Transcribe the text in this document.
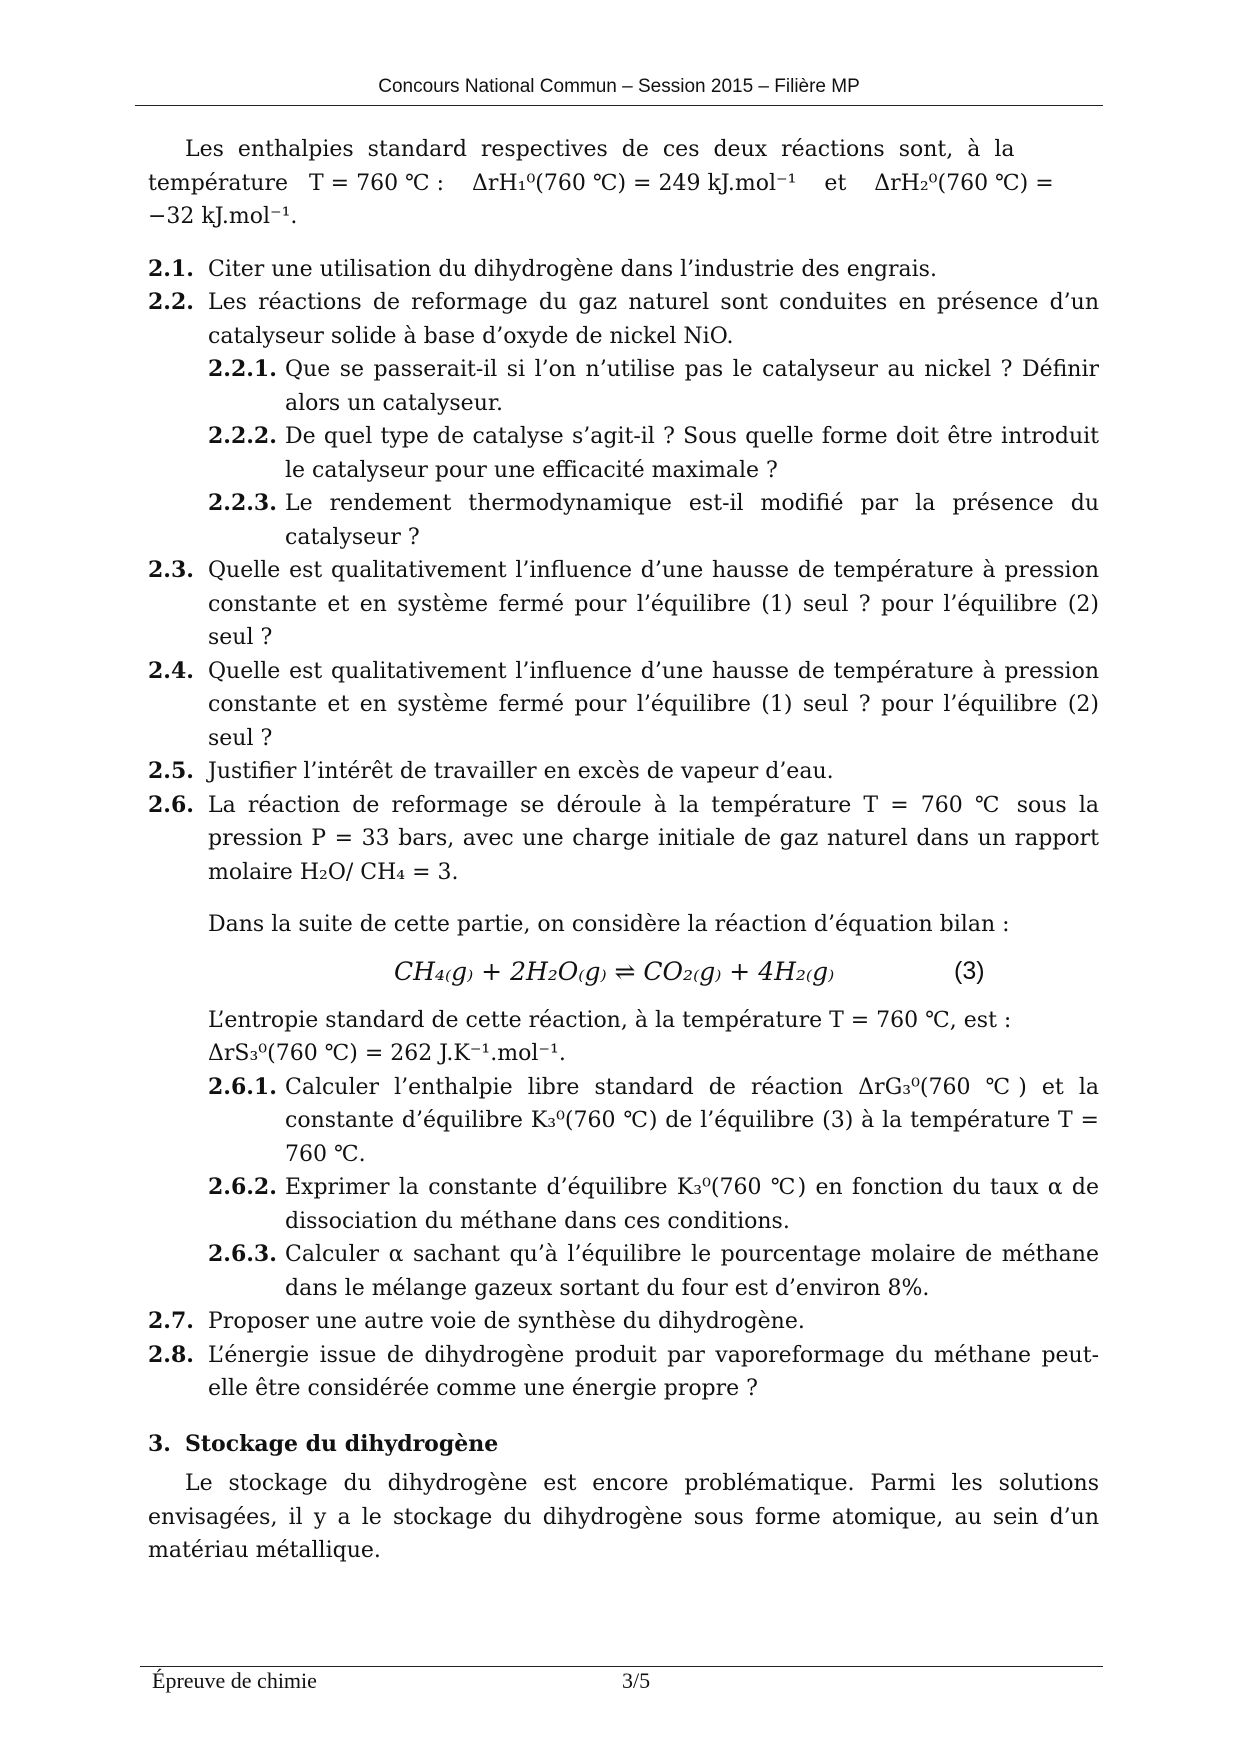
Concours National Commun – Session 2015 – Filière MP

Les enthalpies standard respectives de ces deux réactions sont, à la

température   T = 760 ℃ :    ΔrH₁⁰(760 ℃) = 249 kJ.mol⁻¹    et    ΔrH₂⁰(760 ℃) =

−32 kJ.mol⁻¹.

2.1. Citer une utilisation du dihydrogène dans l’industrie des engrais.
2.2. Les réactions de reformage du gaz naturel sont conduites en présence d’un catalyseur solide à base d’oxyde de nickel NiO.
2.2.1. Que se passerait-il si l’on n’utilise pas le catalyseur au nickel ? Définir alors un catalyseur.
2.2.2. De quel type de catalyse s’agit-il ? Sous quelle forme doit être introduit le catalyseur pour une efficacité maximale ?
2.2.3. Le rendement thermodynamique est-il modifié par la présence du catalyseur ?
2.3. Quelle est qualitativement l’influence d’une hausse de température à pression constante et en système fermé pour l’équilibre (1) seul ? pour l’équilibre (2) seul ?
2.4. Quelle est qualitativement l’influence d’une hausse de température à pression constante et en système fermé pour l’équilibre (1) seul ? pour l’équilibre (2) seul ?
2.5. Justifier l’intérêt de travailler en excès de vapeur d’eau.
2.6. La réaction de reformage se déroule à la température T = 760 ℃ sous la pression P = 33 bars, avec une charge initiale de gaz naturel dans un rapport molaire H₂O/ CH₄ = 3.

Dans la suite de cette partie, on considère la réaction d’équation bilan :

CH₄₍g₎ + 2H₂O₍g₎ ⇌ CO₂₍g₎ + 4H₂₍g₎	(3)

L’entropie standard de cette réaction, à la température T = 760 ℃, est :

ΔrS₃⁰(760 ℃) = 262 J.K⁻¹.mol⁻¹.

2.6.1. Calculer l’enthalpie libre standard de réaction ΔrG₃⁰(760 ℃) et la constante d’équilibre K₃⁰(760 ℃) de l’équilibre (3) à la température T = 760 ℃.
2.6.2. Exprimer la constante d’équilibre K₃⁰(760 ℃) en fonction du taux α de dissociation du méthane dans ces conditions.
2.6.3. Calculer α sachant qu’à l’équilibre le pourcentage molaire de méthane dans le mélange gazeux sortant du four est d’environ 8%.
2.7. Proposer une autre voie de synthèse du dihydrogène.
2.8. L’énergie issue de dihydrogène produit par vaporeformage du méthane peut-elle être considérée comme une énergie propre ?

3. Stockage du dihydrogène

Le stockage du dihydrogène est encore problématique. Parmi les solutions envisagées, il y a le stockage du dihydrogène sous forme atomique, au sein d’un matériau métallique.

Épreuve de chimie	3/5
